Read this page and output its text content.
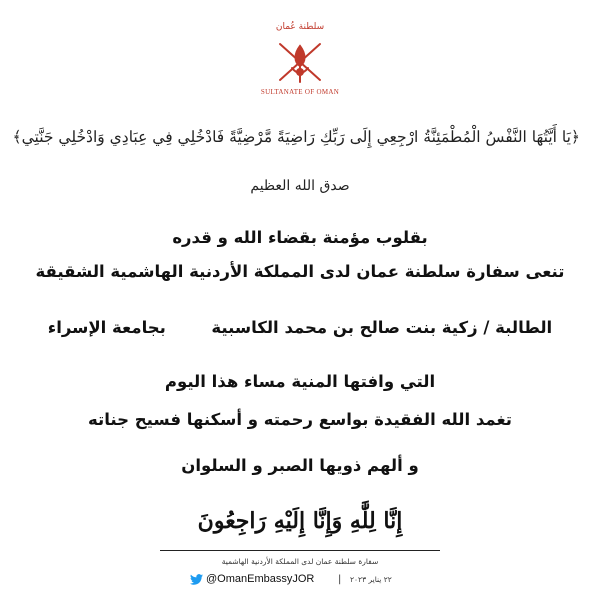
سلطنة عُمان
SULTANATE OF OMAN
﴿يَا أَيَّتُهَا النَّفْسُ الْمُطْمَئِنَّةُ ارْجِعِي إِلَى رَبِّكِ رَاضِيَةً مَّرْضِيَّةً فَادْخُلِي فِي عِبَادِي وَادْخُلِي جَنَّتِي﴾
صدق الله العظيم
بقلوب مؤمنة بقضاء الله و قدره
تنعى سفارة سلطنة عمان لدى المملكة الأردنية الهاشمية الشقيقة
الطالبة / زكية بنت صالح بن محمد الكاسبية  بجامعة الإسراء
التي وافتها المنية مساء هذا اليوم
تغمد الله الفقيدة بواسع رحمته و أسكنها فسيح جناته
و ألهم ذويها الصبر و السلوان
إِنَّا لِلَّٰهِ وَإِنَّا إِلَيْهِ رَاجِعُونَ
سفارة سلطنة عمان لدى المملكة الأردنية الهاشمية
@OmanEmbassyJOR | ٢٢ يناير ٢٠٢٣
